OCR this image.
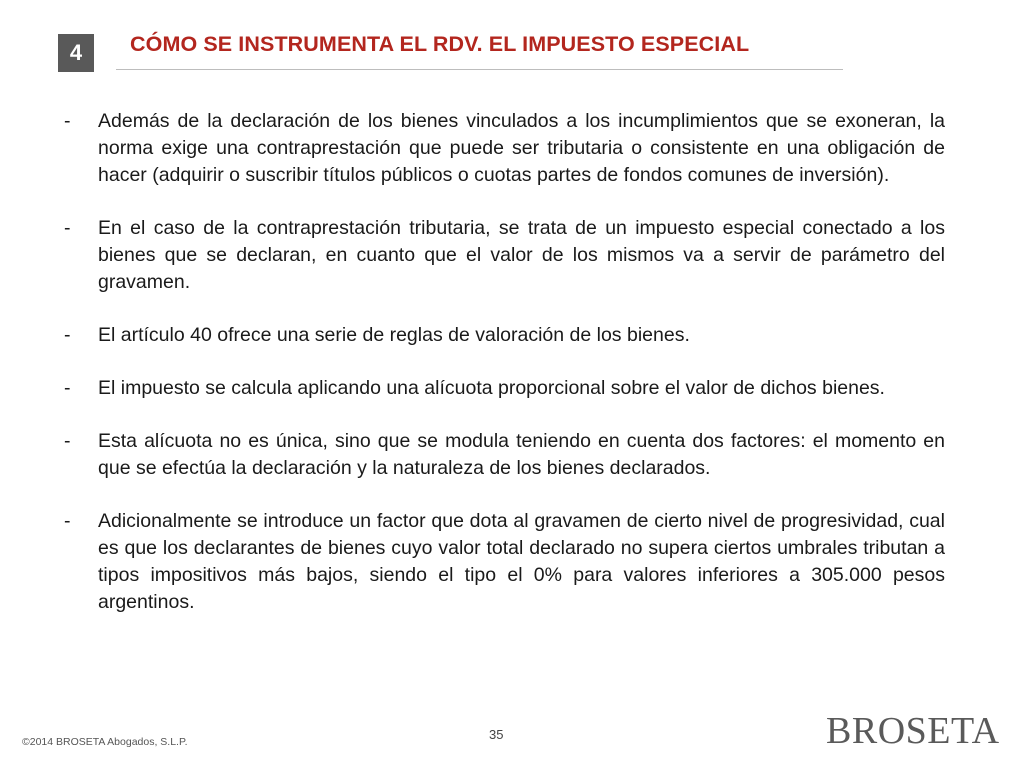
4	CÓMO SE INSTRUMENTA EL RDV. EL IMPUESTO ESPECIAL
- Además de la declaración de los bienes vinculados a los incumplimientos que se exoneran, la norma exige una contraprestación que puede ser tributaria o consistente en una obligación de hacer (adquirir o suscribir títulos públicos o cuotas partes de fondos comunes de inversión).
- En el caso de la contraprestación tributaria, se trata de un impuesto especial conectado a los bienes que se declaran, en cuanto que el valor de los mismos va a servir de parámetro del gravamen.
- El artículo 40 ofrece una serie de reglas de valoración de los bienes.
- El impuesto se calcula aplicando una alícuota proporcional sobre el valor de dichos bienes.
- Esta alícuota no es única, sino que se modula teniendo en cuenta dos factores: el momento en que se efectúa la declaración y la naturaleza de los bienes declarados.
- Adicionalmente se introduce un factor que dota al gravamen de cierto nivel de progresividad, cual es que los declarantes de bienes cuyo valor total declarado no supera ciertos umbrales tributan a tipos impositivos más bajos, siendo el tipo el 0% para valores inferiores a 305.000 pesos argentinos.
©2014 BROSETA Abogados, S.L.P.	35	BROSETA
